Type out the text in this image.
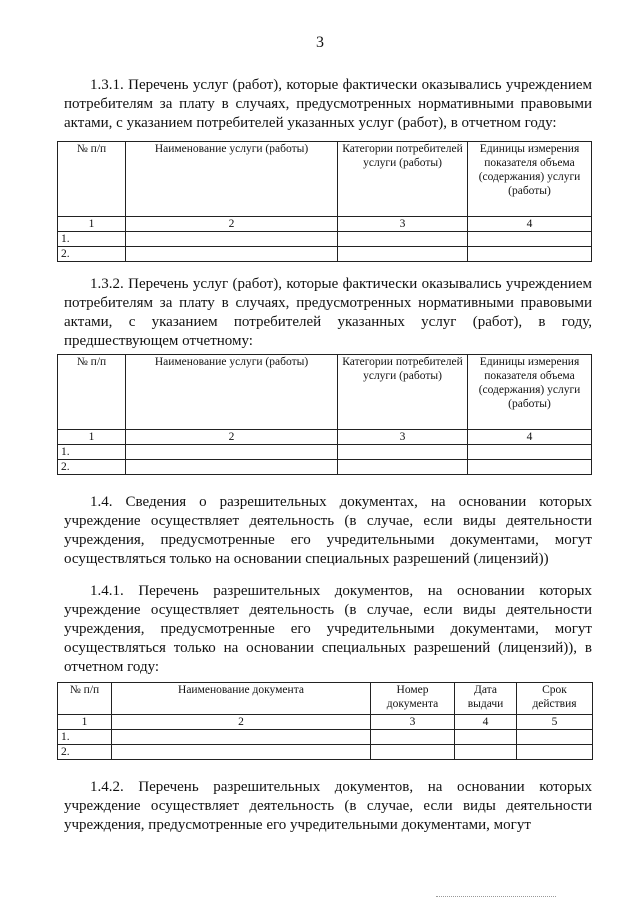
3
1.3.1. Перечень услуг (работ), которые фактически оказывались учреждением потребителям за плату в случаях, предусмотренных нормативными правовыми актами, с указанием потребителей указанных услуг (работ), в отчетном году:
№ п/п	Наименование услуги (работы)	Категории потребителей услуги (работы)	Единицы измерения показателя объема (содержания) услуги (работы)
1	2	3	4
1.			
2.			
1.3.2. Перечень услуг (работ), которые фактически оказывались учреждением потребителям за плату в случаях, предусмотренных нормативными правовыми актами, с указанием потребителей указанных услуг (работ), в году, предшествующем отчетному:
№ п/п	Наименование услуги (работы)	Категории потребителей услуги (работы)	Единицы измерения показателя объема (содержания) услуги (работы)
1	2	3	4
1.			
2.			
1.4. Сведения о разрешительных документах, на основании которых учреждение осуществляет деятельность (в случае, если виды деятельности учреждения, предусмотренные его учредительными документами, могут осуществляться только на основании специальных разрешений (лицензий))
1.4.1. Перечень разрешительных документов, на основании которых учреждение осуществляет деятельность (в случае, если виды деятельности учреждения, предусмотренные его учредительными документами, могут осуществляться только на основании специальных разрешений (лицензий)), в отчетном году:
№ п/п	Наименование документа	Номер документа	Дата выдачи	Срок действия
1	2	3	4	5
1.				
2.				
1.4.2. Перечень разрешительных документов, на основании которых учреждение осуществляет деятельность (в случае, если виды деятельности учреждения, предусмотренные его учредительными документами, могут
